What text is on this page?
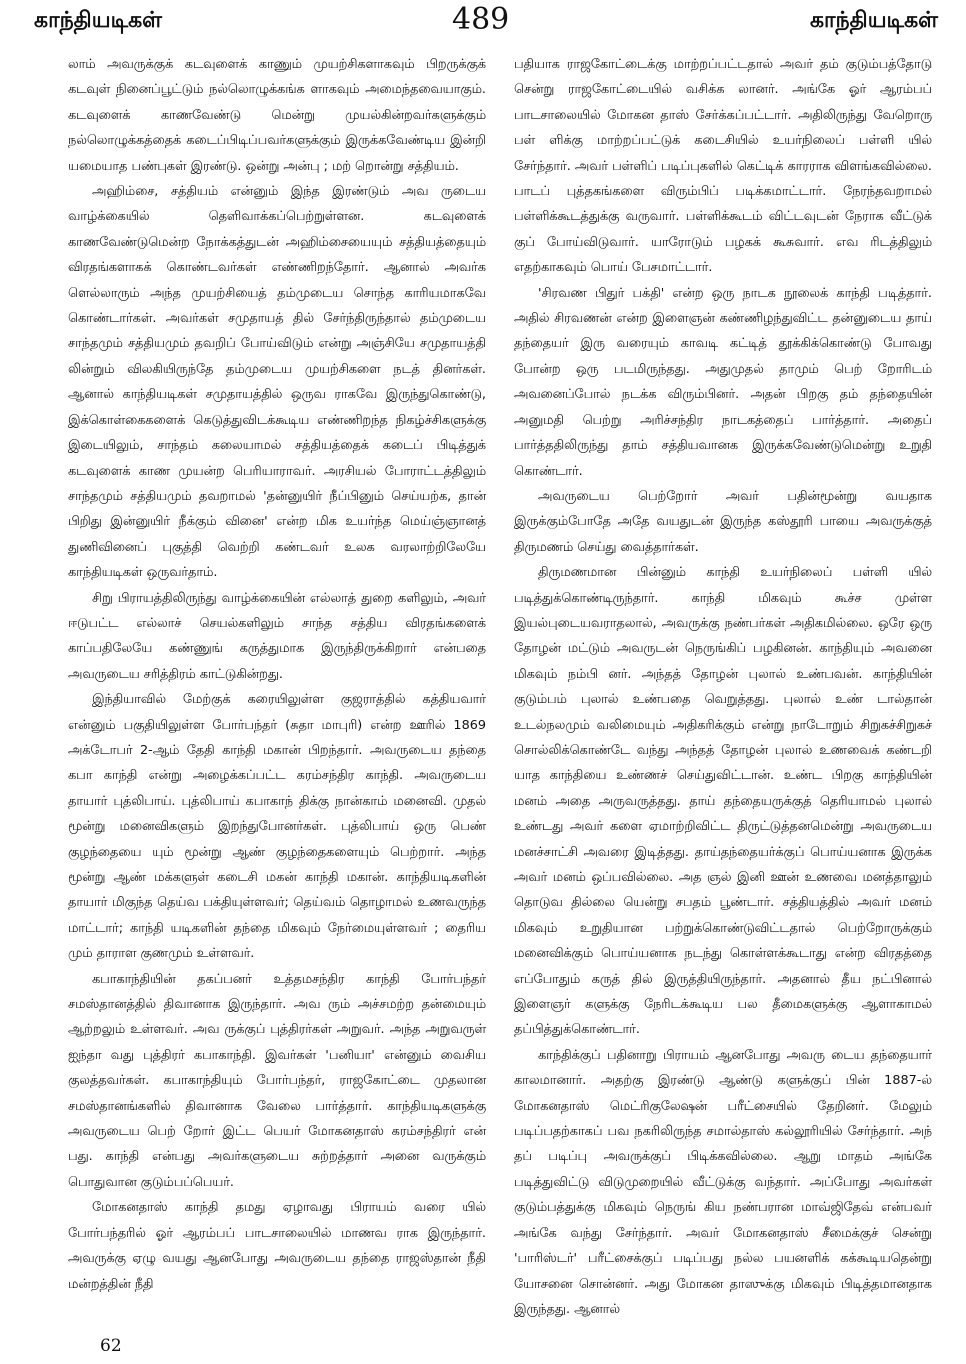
காந்தியடிகள்	489	காந்தியடிகள்

லாம் அவருக்குக் கடவுளைக் காணும் முயற்சிகளாகவும் பிறருக்குக் கடவுள் நினைப்பூட்டும் நல்லொழுக்கங்க ளாகவும் அமைந்தவையாகும். கடவுளைக் காணவேண்டு மென்று முயல்கின்றவர்களுக்கும் நல்லொழுக்கத்தைக் கடைப்பிடிப்பவர்களுக்கும் இருக்கவேண்டிய இன்றி யமையாத பண்புகள் இரண்டு. ஒன்று அன்பு ; மற் றொன்று சத்தியம்.

அஹிம்சை, சத்தியம் என்னும் இந்த இரண்டும் அவ ருடைய வாழ்க்கையில் தெளிவாக்கப்பெற்றுள்ளன. கடவுளைக் காணவேண்டுமென்ற நோக்கத்துடன் அஹிம்சையையும் சத்தியத்தையும் விரதங்களாகக் கொண்டவர்கள் எண்ணிறந்தோர். ஆனால் அவர்க ளெல்லாரும் அந்த முயற்சியைத் தம்முடைய சொந்த காரியமாகவே கொண்டார்கள். அவர்கள் சமுதாயத் தில் சேர்ந்திருந்தால் தம்முடைய சாந்தமும் சத்தியமும் தவறிப் போய்விடும் என்று அஞ்சியே சமுதாயத்தி லின்றும் விலகியிருந்தே தம்முடைய முயற்சிகளை நடத் தினர்கள். ஆனால் காந்தியடிகள் சமுதாயத்தில் ஒருவ ராகவே இருந்துகொண்டு, இக்கொள்கைகளைக் கெடுத்துவிடக்கூடிய எண்ணிறந்த நிகழ்ச்சிகளுக்கு இடையிலும், சாந்தம் கலையாமல் சத்தியத்தைக் கடைப் பிடித்துக் கடவுளைக் காண முயன்ற பெரியாராவர். அரசியல் போராட்டத்திலும் சாந்தமும் சத்தியமும் தவறாமல் 'தன்னுயிர் நீப்பினும் செய்யற்க, தான் பிறிது இன்னுயிர் நீக்கும் வினை' என்ற மிக உயர்ந்த மெய்ஞ்ஞானத் துணிவினைப் புகுத்தி வெற்றி கண்டவர் உலக வரலாற்றிலேயே காந்தியடிகள் ஒருவர்தாம்.

சிறு பிராயத்திலிருந்து வாழ்க்கையின் எல்லாத் துறை களிலும், அவர் ஈடுபட்ட எல்லாச் செயல்களிலும் சாந்த சத்திய விரதங்களைக் காப்பதிலேயே கண்ணுங் கருத்துமாக இருந்திருக்கிறார் என்பதை அவருடைய சரித்திரம் காட்டுகின்றது.

இந்தியாவில் மேற்குக் கரையிலுள்ள குஜராத்தில் கத்தியவார் என்னும் பகுதியிலுள்ள போர்பந்தர் (சுதா மாபுரி) என்ற ஊரில் 1869 அக்டோபர் 2-ஆம் தேதி காந்தி மகான் பிறந்தார். அவருடைய தந்தை கபா காந்தி என்று அழைக்கப்பட்ட கரம்சந்திர காந்தி. அவருடைய தாயார் புத்லிபாய். புத்லிபாய் கபாகாந் திக்கு நான்காம் மனைவி. முதல் மூன்று மனைவிகளும் இறந்துபோனர்கள். புத்லிபாய் ஒரு பெண் குழந்தையை யும் மூன்று ஆண் குழந்தைகளையும் பெற்றார். அந்த மூன்று ஆண் மக்களுள் கடைசி மகன் காந்தி மகான். காந்தியடிகளின் தாயார் மிகுந்த தெய்வ பக்தியுள்ளவர்; தெய்வம் தொழாமல் உணவருந்த மாட்டார்; காந்தி யடிகளின் தந்தை மிகவும் நேர்மையுள்ளவர் ; தைரிய மும் தாராள குணமும் உள்ளவர்.

கபாகாந்தியின் தகப்பனர் உத்தமசந்திர காந்தி போர்பந்தர் சமஸ்தானத்தில் திவானாக இருந்தார். அவ ரும் அச்சமற்ற தன்மையும் ஆற்றலும் உள்ளவர். அவ ருக்குப் புத்திரர்கள் அறுவர். அந்த அறுவருள் ஐந்தா வது புத்திரர் கபாகாந்தி. இவர்கள் 'பனியா' என்னும் வைசிய குலத்தவர்கள். கபாகாந்தியும் போர்பந்தர், ராஜகோட்டை முதலான சமஸ்தானங்களில் திவானாக வேலை பார்த்தார். காந்தியடிகளுக்கு அவருடைய பெற் றோர் இட்ட பெயர் மோகனதாஸ் கரம்சந்திரர் என் பது. காந்தி என்பது அவர்களுடைய சுற்றத்தார் அனை வருக்கும் பொதுவான குடும்பப்பெயர்.

மோகனதாஸ் காந்தி தமது ஏழாவது பிராயம் வரை யில் போர்பந்தரில் ஓர் ஆரம்பப் பாடசாலையில் மாணவ ராக இருந்தார். அவருக்கு ஏழு வயது ஆனபோது அவருடைய தந்தை ராஜஸ்தான் நீதி மன்றத்தின் நீதி

பதியாக ராஜகோட்டைக்கு மாற்றப்பட்டதால் அவர் தம் குடும்பத்தோடு சென்று ராஜகோட்டையில் வசிக்க லானர். அங்கே ஓர் ஆரம்பப் பாடசாலையில் மோகன தாஸ் சேர்க்கப்பட்டார். அதிலிருந்து வேறொரு பள் ளிக்கு மாற்றப்பட்டுக் கடைசியில் உயர்நிலைப் பள்ளி யில் சேர்ந்தார். அவர் பள்ளிப் படிப்புகளில் கெட்டிக் காரராக விளங்கவில்லை. பாடப் புத்தகங்களை விரும்பிப் படிக்கமாட்டார். நேரந்தவறாமல் பள்ளிக்கூடத்துக்கு வருவார். பள்ளிக்கூடம் விட்டவுடன் நேராக வீட்டுக் குப் போய்விடுவார். யாரோடும் பழகக் கூசுவார். எவ ரிடத்திலும் எதற்காகவும் பொய் பேசமாட்டார்.

'சிரவண பிதுர் பக்தி' என்ற ஒரு நாடக நூலைக் காந்தி படித்தார். அதில் சிரவணன் என்ற இளைஞன் கண்ணிழந்துவிட்ட தன்னுடைய தாய் தந்தையர் இரு வரையும் காவடி கட்டித் தூக்கிக்கொண்டு போவது போன்ற ஒரு படமிருந்தது. அதுமுதல் தாமும் பெற் றோரிடம் அவனைப்போல் நடக்க விரும்பினர். அதன் பிறகு தம் தந்தையின் அனுமதி பெற்று அரிச்சந்திர நாடகத்தைப் பார்த்தார். அதைப் பார்த்ததிலிருந்து தாம் சத்தியவானக இருக்கவேண்டுமென்று உறுதி கொண்டார்.

அவருடைய பெற்றோர் அவர் பதின்மூன்று வயதாக இருக்கும்போதே அதே வயதுடன் இருந்த கஸ்தூரி பாயை அவருக்குத் திருமணம் செய்து வைத்தார்கள்.

திருமணமான பின்னும் காந்தி உயர்நிலைப் பள்ளி யில் படித்துக்கொண்டிருந்தார். காந்தி மிகவும் கூச்ச முள்ள இயல்புடையவராதலால், அவருக்கு நண்பர்கள் அதிகமில்லை. ஒரே ஒரு தோழன் மட்டும் அவருடன் நெருங்கிப் பழகினன். காந்தியும் அவனை மிகவும் நம்பி னர். அந்தத் தோழன் புலால் உண்பவன். காந்தியின் குடும்பம் புலால் உண்பதை வெறுத்தது. புலால் உண் டால்தான் உடல்நலமும் வலிமையும் அதிகரிக்கும் என்று நாடோறும் சிறுகச்சிறுகச் சொல்லிக்கொண்டே வந்து அந்தத் தோழன் புலால் உணவைக் கண்டறி யாத காந்தியை உண்ணச் செய்துவிட்டான். உண்ட பிறகு காந்தியின் மனம் அதை அருவருத்தது. தாய் தந்தையருக்குத் தெரியாமல் புலால் உண்டது அவர் களை ஏமாற்றிவிட்ட திருட்டுத்தனமென்று அவருடைய மனச்சாட்சி அவரை இடித்தது. தாய்தந்தையர்க்குப் பொய்யனாக இருக்க அவர் மனம் ஒப்பவில்லை. அத ஞல் இனி ஊன் உணவை மனத்தாலும் தொடுவ தில்லை யென்று சபதம் பூண்டார். சத்தியத்தில் அவர் மனம் மிகவும் உறுதியான பற்றுக்கொண்டுவிட்டதால் பெற்றோருக்கும் மனைவிக்கும் பொய்யனாக நடந்து கொள்ளக்கூடாது என்ற விரதத்தை எப்போதும் கருத் தில் இருத்தியிருந்தார். அதனால் தீய நட்பினால் இளைஞர் களுக்கு நேரிடக்கூடிய பல தீமைகளுக்கு ஆளாகாமல் தப்பித்துக்கொண்டார்.

காந்திக்குப் பதினாறு பிராயம் ஆனபோது அவரு டைய தந்தையார் காலமானார். அதற்கு இரண்டு ஆண்டு களுக்குப் பின் 1887-ல் மோகனதாஸ் மெட்ரிகுலேஷன் பரீட்சையில் தேறினர். மேலும் படிப்பதற்காகப் பவ நகரிலிருந்த சமால்தாஸ் கல்லூரியில் சேர்ந்தார். அந் தப் படிப்பு அவருக்குப் பிடிக்கவில்லை. ஆறு மாதம் அங்கே படித்துவிட்டு விடுமுறையில் வீட்டுக்கு வந்தார். அப்போது அவர்கள் குடும்பத்துக்கு மிகவும் நெருங் கிய நண்பரான மாவ்ஜிதேவ் என்பவர் அங்கே வந்து சேர்ந்தார். அவர் மோகனதாஸ் சீமைக்குச் சென்று 'பாரிஸ்டர்' பரீட்சைக்குப் படிப்பது நல்ல பயனளிக் கக்கூடியதென்று யோசனை சொன்னர். அது மோகன தாஸுக்கு மிகவும் பிடித்தமானதாக இருந்தது. ஆனால்

62
